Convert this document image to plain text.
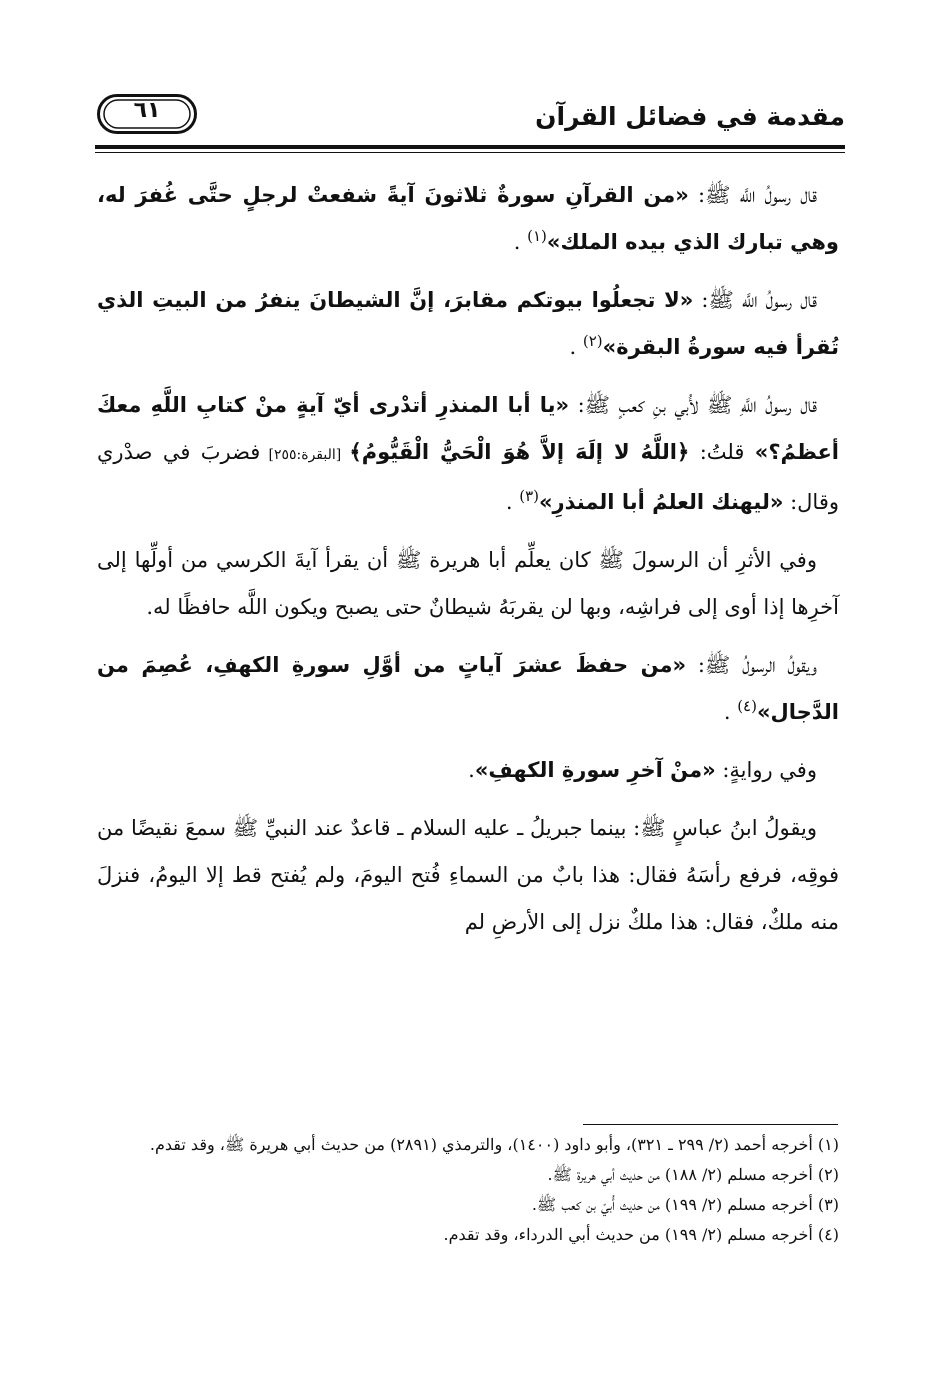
٦١	مقدمة في فضائل القرآن

قال رسولُ اللَّه ﷺ: «من القرآنِ سورةٌ ثلاثونَ آيةً شفعتْ لرجلٍ حتَّى غُفرَ له، وهي تبارك الذي بيده الملك»$^{(١)}$ .

قال رسولُ اللَّه ﷺ: «لا تجعلُوا بيوتكم مقابرَ، إنَّ الشيطانَ ينفرُ من البيتِ الذي تُقرأ فيه سورةُ البقرة»$^{(٢)}$ .

قال رسولُ اللَّهِ ﷺ لأُبي بنِ كعبٍ ﷺ: «يا أبا المنذرِ أتدْرى أيّ آيةٍ منْ كتابِ اللَّهِ معكَ أعظمُ؟» قلتُ: ﴿اللَّهُ لا إلَهَ إلاَّ هُوَ الْحَيُّ الْقَيُّومُ﴾ [البقرة:٢٥٥] فضربَ في صدْري وقال: «ليهنك العلمُ أبا المنذرِ»$^{(٣)}$ .

وفي الأثرِ أن الرسولَ ﷺ كان يعلِّم أبا هريرة ﷺ أن يقرأ آيةَ الكرسي من أولِّها إلى آخرِها إذا أوى إلى فراشِه، وبها لن يقربَهُ شيطانٌ حتى يصبح ويكون اللَّه حافظًا له.

ويقولُ الرسولُ ﷺ: «من حفظَ عشرَ آياتٍ من أوَّلِ سورةِ الكهفِ، عُصِمَ من الدَّجال»$^{(٤)}$ .

وفي روايةٍ: «منْ آخرِ سورةِ الكهفِ».

ويقولُ ابنُ عباسٍ ﷺ: بينما جبريلُ ـ عليه السلام ـ قاعدٌ عند النبيِّ ﷺ سمعَ نقيضًا من فوقِه، فرفع رأسَهُ فقال: هذا بابٌ من السماءِ فُتح اليومَ، ولم يُفتح قط إلا اليومُ، فنزلَ منه ملكٌ، فقال: هذا ملكٌ نزل إلى الأرضِ لم

(١) أخرجه أحمد (٢/ ٢٩٩ ـ ٣٢١)، وأبو داود (١٤٠٠)، والترمذي (٢٨٩١) من حديث أبي هريرة ﷺ، وقد تقدم.

(٢) أخرجه مسلم (٢/ ١٨٨) من حديث أبي هريرة ﷺ.

(٣) أخرجه مسلم (٢/ ١٩٩) من حديث أُبيّ بن كعب ﷺ.

(٤) أخرجه مسلم (٢/ ١٩٩) من حديث أبي الدرداء، وقد تقدم.
